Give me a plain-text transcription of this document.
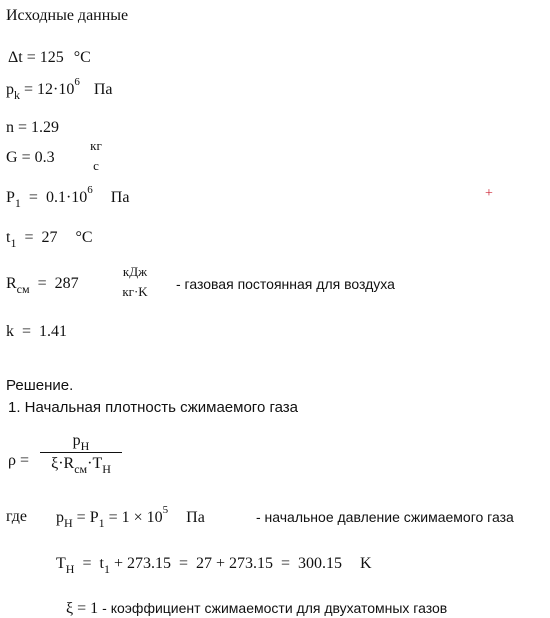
Исходные данные
Δt = 125 °C
$p_k = 12\cdot 10^6$ Па
n = 1.29
G = 0.3
кг
с
$P_1 = 0.1\cdot 10^6$ Па	+
$t_1 = 27$ °C
$R_{см} = 287$
кДж
кг·K	- газовая постоянная для воздуха
k = 1.41
Решение.
1. Начальная плотность сжимаемого газа
ρ =
$p_H$
$\xi\cdot R_{см}\cdot T_H$
где $p_H = P_1 = 1 \times 10^5$ Па	- начальное давление сжимаемого газа
$T_H = t_1 + 273.15 = 27 + 273.15 = 300.15$ K
ξ = 1 - коэффициент сжимаемости для двухатомных газов
